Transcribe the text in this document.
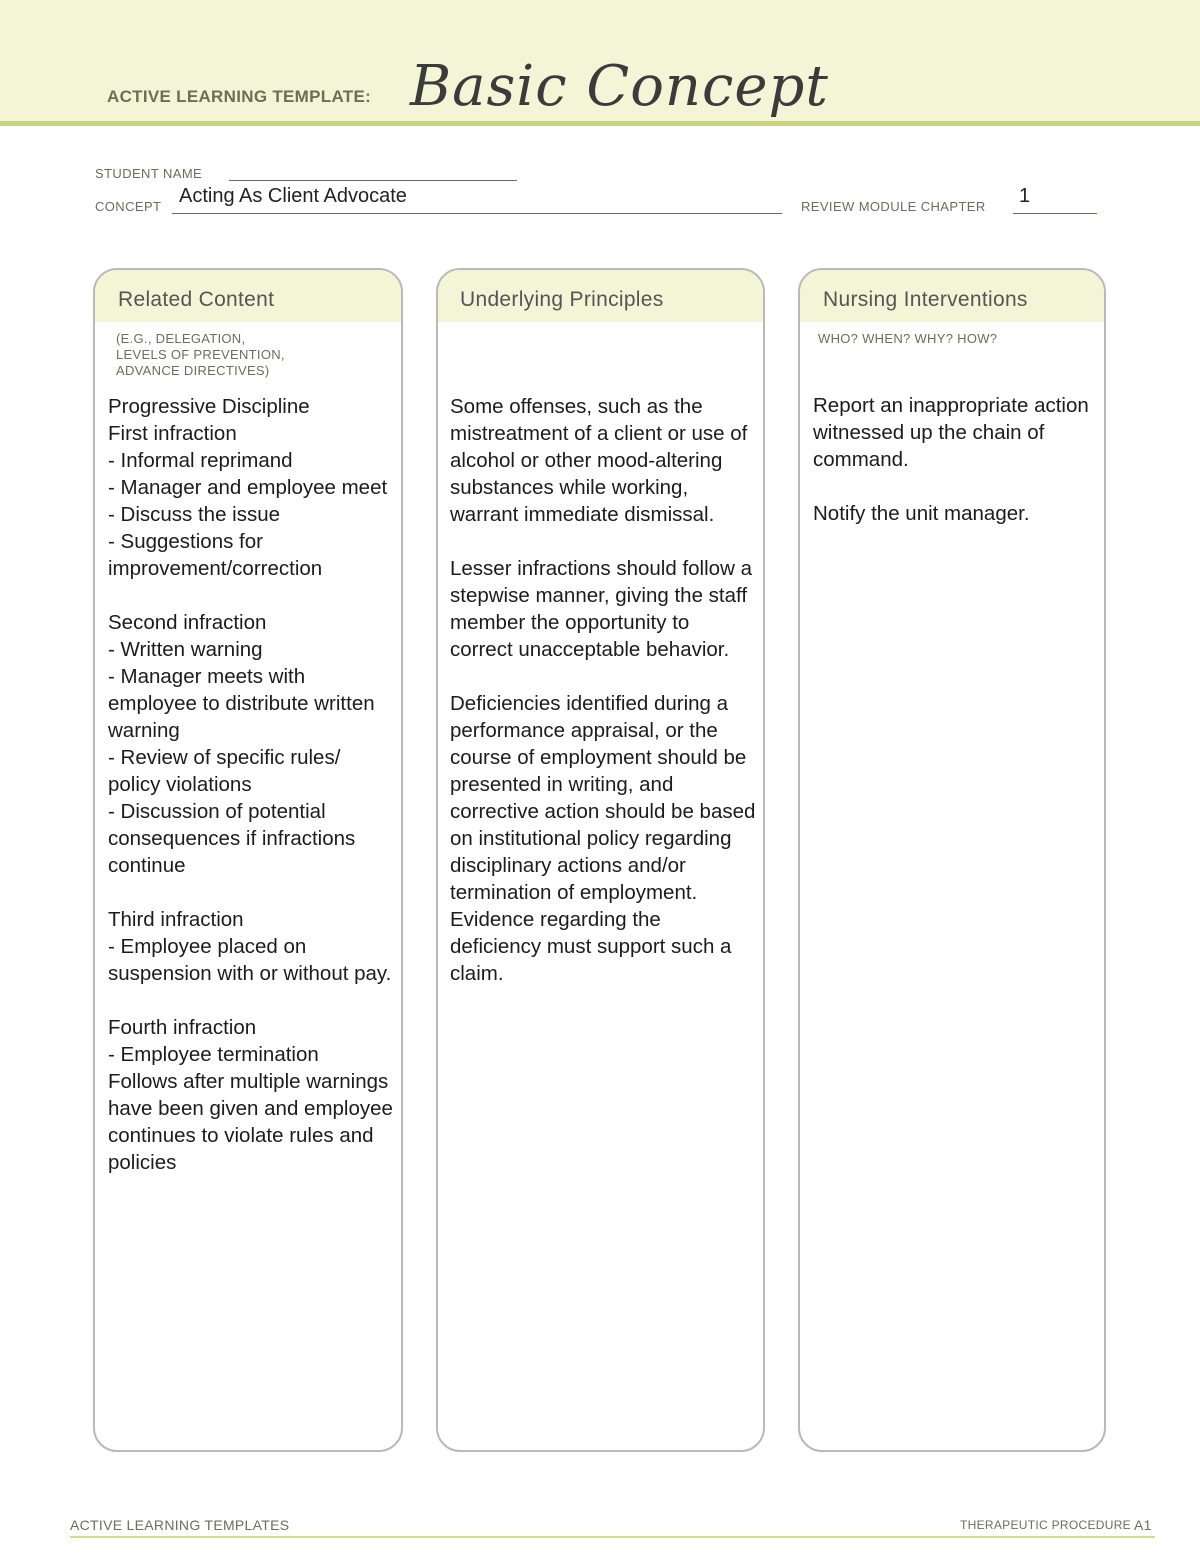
ACTIVE LEARNING TEMPLATE: Basic Concept
STUDENT NAME
CONCEPT Acting As Client Advocate	REVIEW MODULE CHAPTER 1
Related Content
(E.G., DELEGATION,
LEVELS OF PREVENTION,
ADVANCE DIRECTIVES)
Progressive Discipline
First infraction
- Informal reprimand
- Manager and employee meet
- Discuss the issue
- Suggestions for improvement/correction

Second infraction
- Written warning
- Manager meets with employee to distribute written warning
- Review of specific rules/ policy violations
- Discussion of potential consequences if infractions continue

Third infraction
- Employee placed on suspension with or without pay.

Fourth infraction
- Employee termination
Follows after multiple warnings have been given and employee continues to violate rules and policies
Underlying Principles
Some offenses, such as the mistreatment of a client or use of alcohol or other mood-altering substances while working, warrant immediate dismissal.

Lesser infractions should follow a stepwise manner, giving the staff member the opportunity to correct unacceptable behavior.

Deficiencies identified during a performance appraisal, or the course of employment should be presented in writing, and corrective action should be based on institutional policy regarding disciplinary actions and/or termination of employment. Evidence regarding the deficiency must support such a claim.
Nursing Interventions
WHO? WHEN? WHY? HOW?
Report an inappropriate action witnessed up the chain of command.

Notify the unit manager.
ACTIVE LEARNING TEMPLATES	THERAPEUTIC PROCEDURE A1
